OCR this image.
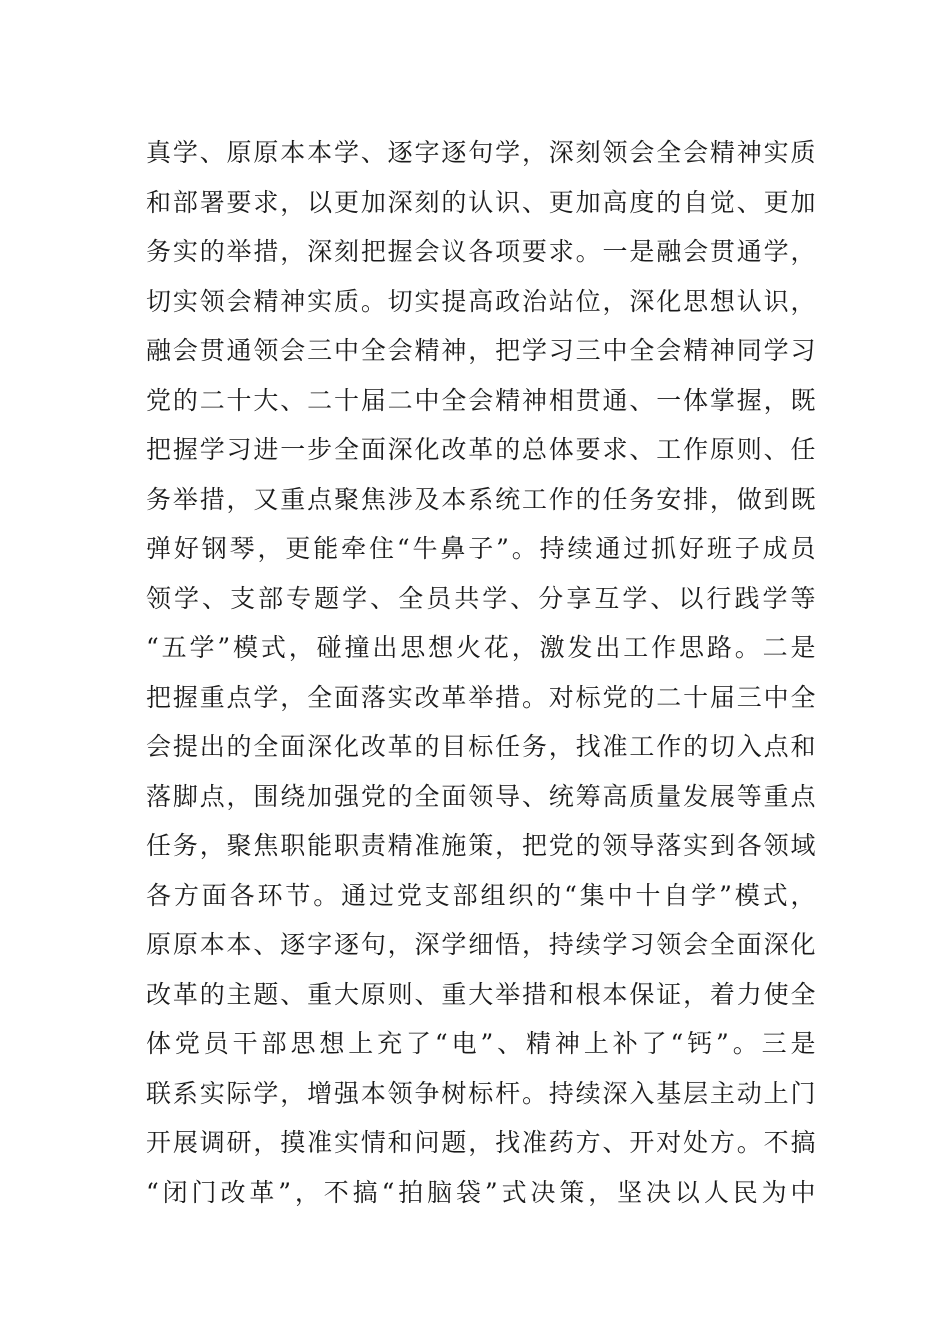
真学、原原本本学、逐字逐句学，深刻领会全会精神实质
和部署要求，以更加深刻的认识、更加高度的自觉、更加
务实的举措，深刻把握会议各项要求。一是融会贯通学，
切实领会精神实质。切实提高政治站位，深化思想认识，
融会贯通领会三中全会精神，把学习三中全会精神同学习
党的二十大、二十届二中全会精神相贯通、一体掌握，既
把握学习进一步全面深化改革的总体要求、工作原则、任
务举措，又重点聚焦涉及本系统工作的任务安排，做到既
弹好钢琴，更能牵住“牛鼻子”。持续通过抓好班子成员
领学、支部专题学、全员共学、分享互学、以行践学等
“五学”模式，碰撞出思想火花，激发出工作思路。二是
把握重点学，全面落实改革举措。对标党的二十届三中全
会提出的全面深化改革的目标任务，找准工作的切入点和
落脚点，围绕加强党的全面领导、统筹高质量发展等重点
任务，聚焦职能职责精准施策，把党的领导落实到各领域
各方面各环节。通过党支部组织的“集中十自学”模式，
原原本本、逐字逐句，深学细悟，持续学习领会全面深化
改革的主题、重大原则、重大举措和根本保证，着力使全
体党员干部思想上充了“电”、精神上补了“钙”。三是
联系实际学，增强本领争树标杆。持续深入基层主动上门
开展调研，摸准实情和问题，找准药方、开对处方。不搞
“闭门改革”，不搞“拍脑袋”式决策，坚决以人民为中
